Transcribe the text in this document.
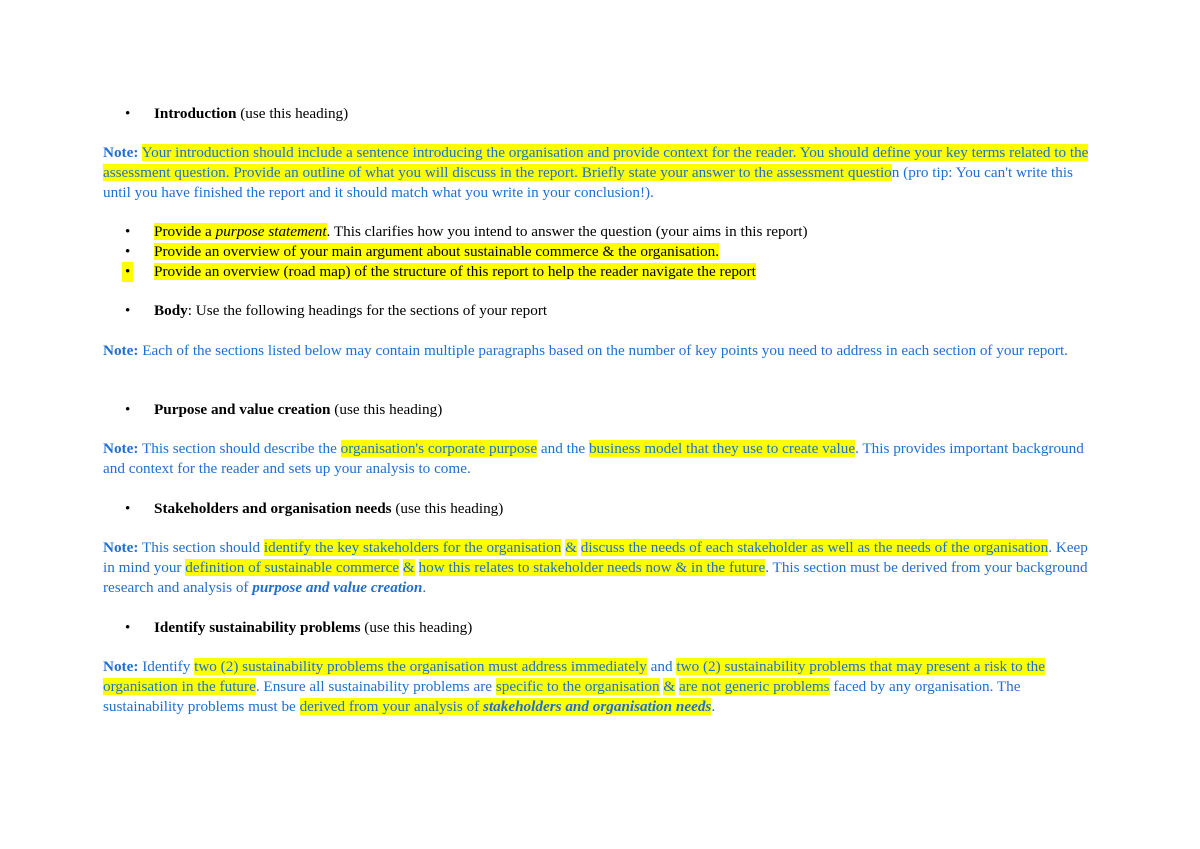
• Introduction (use this heading)

Note: Your introduction should include a sentence introducing the organisation and provide context for the reader. You should define your key terms related to the assessment question. Provide an outline of what you will discuss in the report. Briefly state your answer to the assessment question (pro tip: You can't write this until you have finished the report and it should match what you write in your conclusion!).

• Provide a purpose statement. This clarifies how you intend to answer the question (your aims in this report)
• Provide an overview of your main argument about sustainable commerce & the organisation.
• Provide an overview (road map) of the structure of this report to help the reader navigate the report
• Body: Use the following headings for the sections of your report

Note: Each of the sections listed below may contain multiple paragraphs based on the number of key points you need to address in each section of your report.

• Purpose and value creation (use this heading)

Note: This section should describe the organisation's corporate purpose and the business model that they use to create value. This provides important background and context for the reader and sets up your analysis to come.

• Stakeholders and organisation needs (use this heading)

Note: This section should identify the key stakeholders for the organisation & discuss the needs of each stakeholder as well as the needs of the organisation. Keep in mind your definition of sustainable commerce & how this relates to stakeholder needs now & in the future. This section must be derived from your background research and analysis of purpose and value creation.

• Identify sustainability problems (use this heading)

Note: Identify two (2) sustainability problems the organisation must address immediately and two (2) sustainability problems that may present a risk to the organisation in the future. Ensure all sustainability problems are specific to the organisation & are not generic problems faced by any organisation. The sustainability problems must be derived from your analysis of stakeholders and organisation needs.
